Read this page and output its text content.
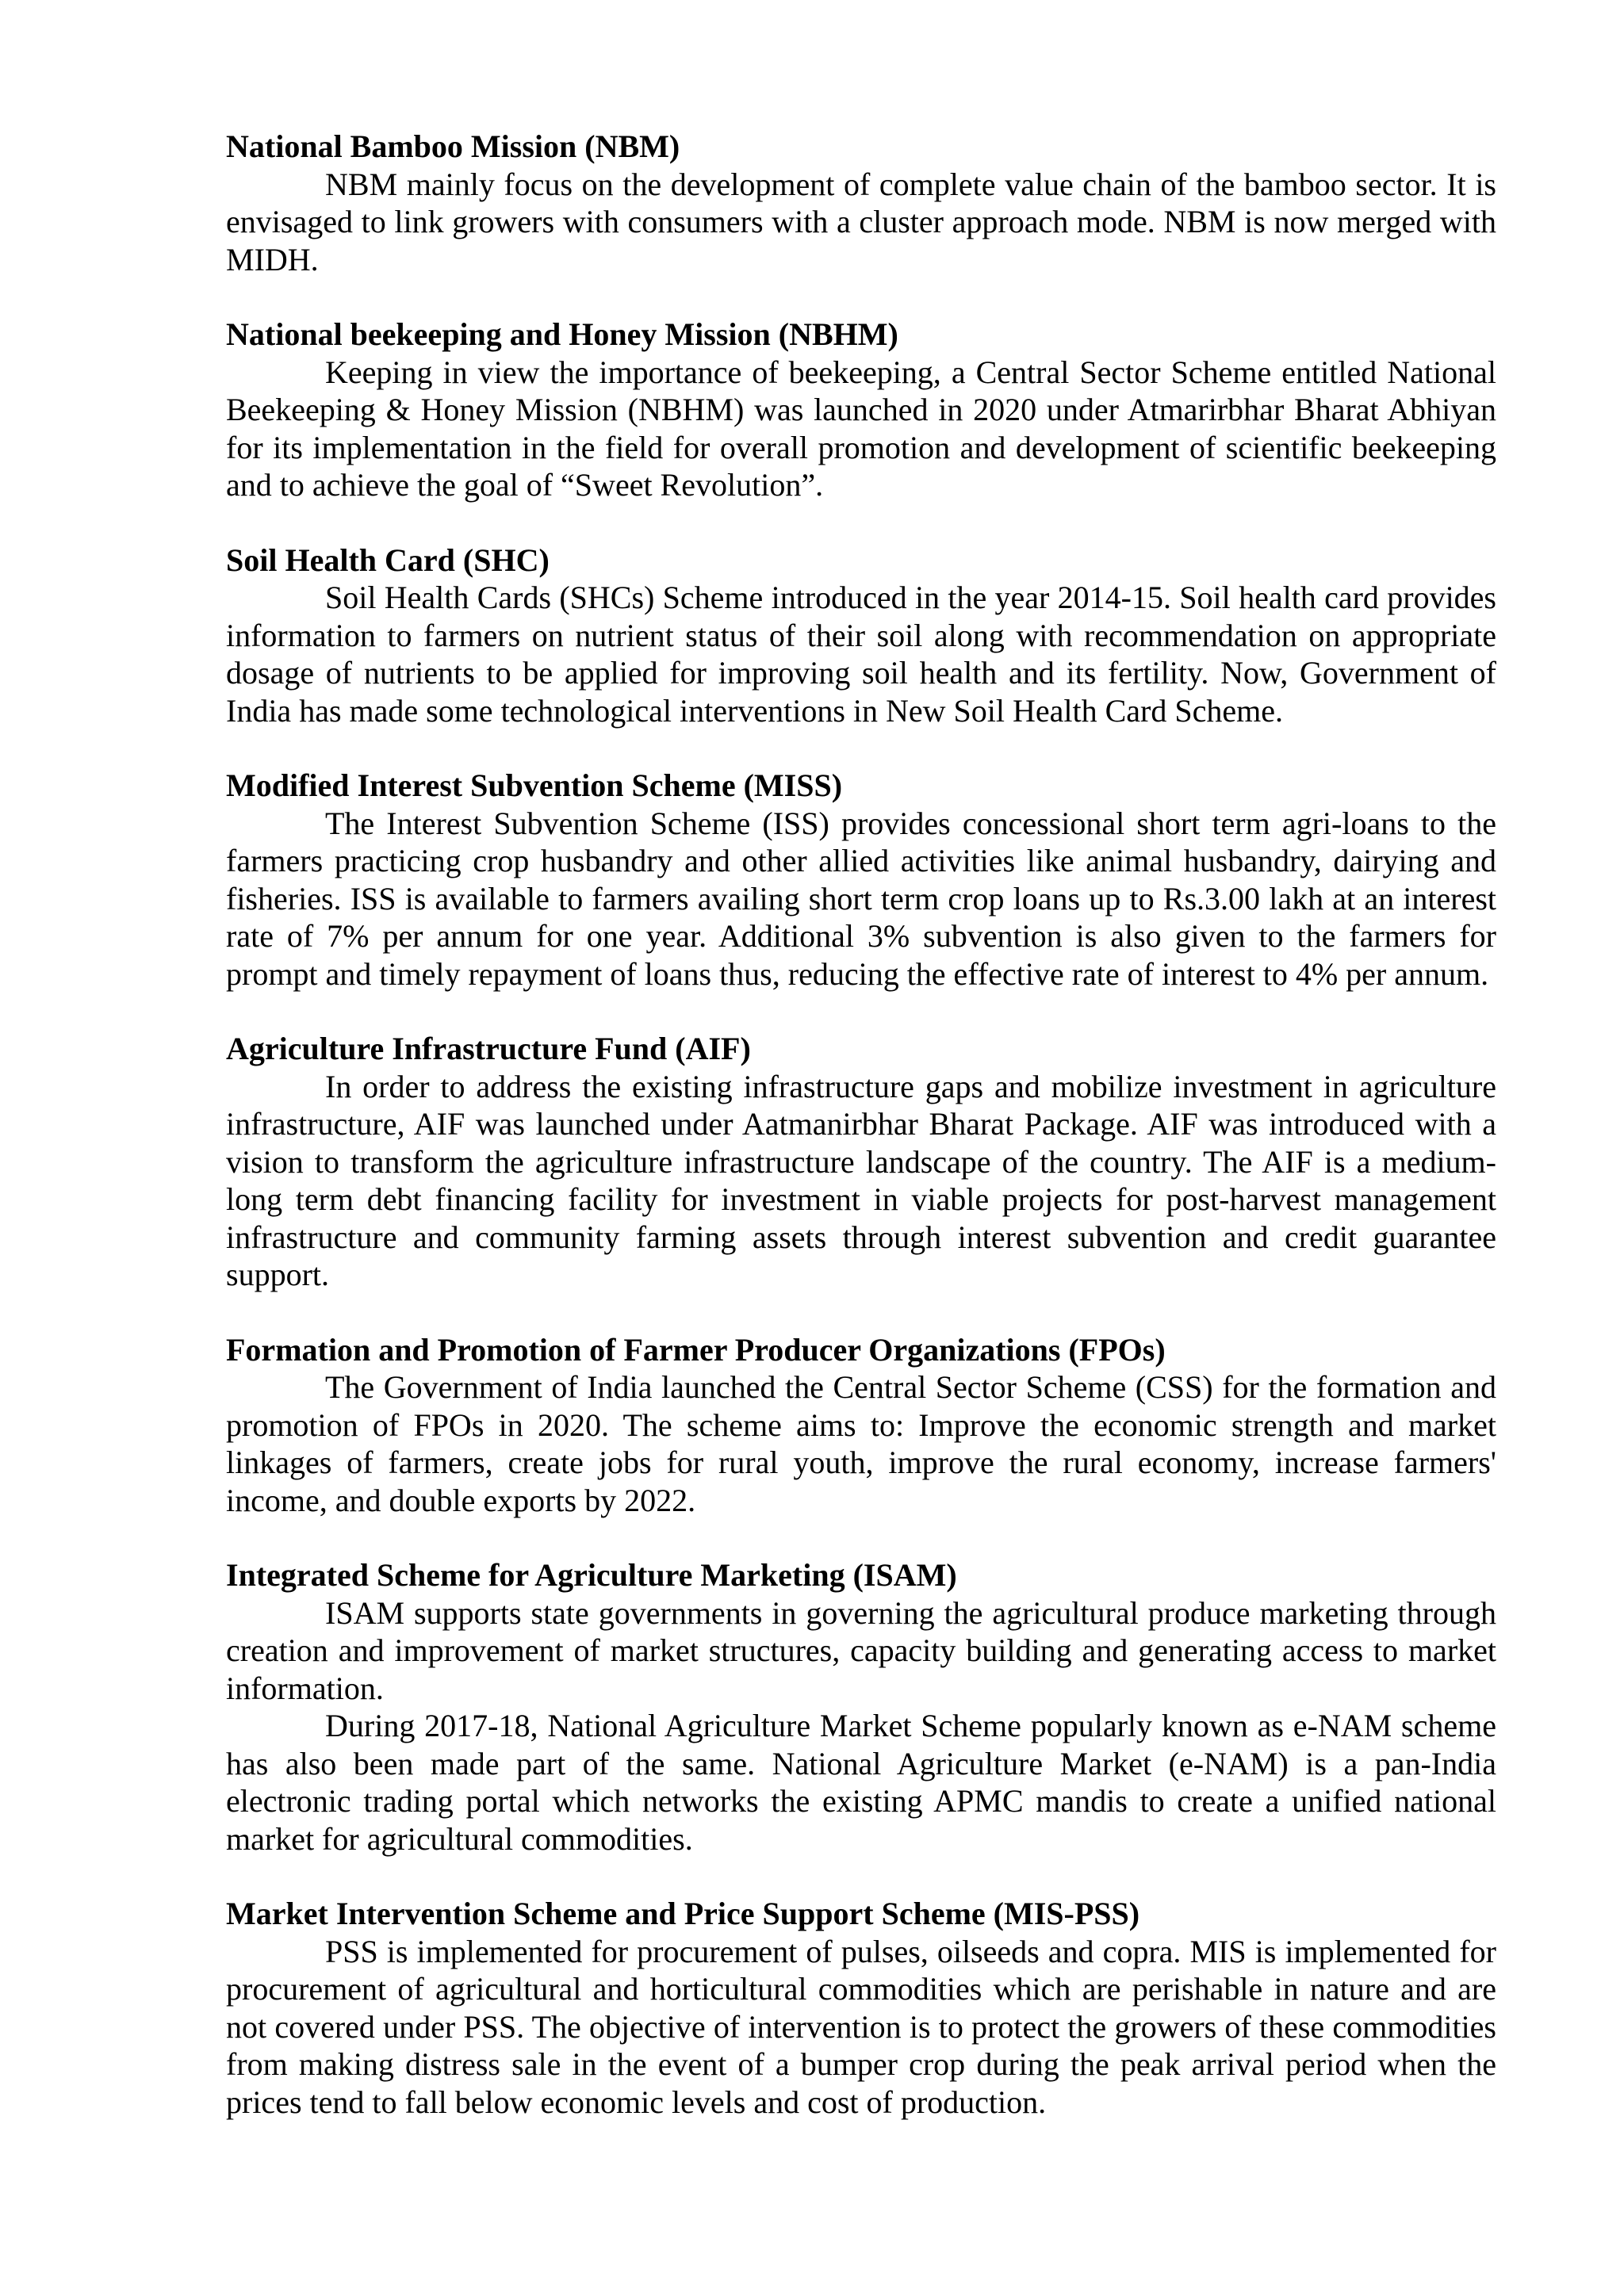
National Bamboo Mission (NBM)

NBM mainly focus on the development of complete value chain of the bamboo sector. It is envisaged to link growers with consumers with a cluster approach mode. NBM is now merged with MIDH.

National beekeeping and Honey Mission (NBHM)

Keeping in view the importance of beekeeping, a Central Sector Scheme entitled National Beekeeping & Honey Mission (NBHM) was launched in 2020 under Atmarirbhar Bharat Abhiyan for its implementation in the field for overall promotion and development of scientific beekeeping and to achieve the goal of “Sweet Revolution”.

Soil Health Card (SHC)

Soil Health Cards (SHCs) Scheme introduced in the year 2014-15. Soil health card provides information to farmers on nutrient status of their soil along with recommendation on appropriate dosage of nutrients to be applied for improving soil health and its fertility. Now, Government of India has made some technological interventions in New Soil Health Card Scheme.

Modified Interest Subvention Scheme (MISS)

The Interest Subvention Scheme (ISS) provides concessional short term agri-loans to the farmers practicing crop husbandry and other allied activities like animal husbandry, dairying and fisheries. ISS is available to farmers availing short term crop loans up to Rs.3.00 lakh at an interest rate of 7% per annum for one year. Additional 3% subvention is also given to the farmers for prompt and timely repayment of loans thus, reducing the effective rate of interest to 4% per annum.

Agriculture Infrastructure Fund (AIF)

In order to address the existing infrastructure gaps and mobilize investment in agriculture infrastructure, AIF was launched under Aatmanirbhar Bharat Package. AIF was introduced with a vision to transform the agriculture infrastructure landscape of the country. The AIF is a medium-long term debt financing facility for investment in viable projects for post-harvest management infrastructure and community farming assets through interest subvention and credit guarantee support.

Formation and Promotion of Farmer Producer Organizations (FPOs)

The Government of India launched the Central Sector Scheme (CSS) for the formation and promotion of FPOs in 2020. The scheme aims to: Improve the economic strength and market linkages of farmers, create jobs for rural youth, improve the rural economy, increase farmers' income, and double exports by 2022.

Integrated Scheme for Agriculture Marketing (ISAM)

ISAM supports state governments in governing the agricultural produce marketing through creation and improvement of market structures, capacity building and generating access to market information.

During 2017-18, National Agriculture Market Scheme popularly known as e-NAM scheme has also been made part of the same. National Agriculture Market (e-NAM) is a pan-India electronic trading portal which networks the existing APMC mandis to create a unified national market for agricultural commodities.

Market Intervention Scheme and Price Support Scheme (MIS-PSS)

PSS is implemented for procurement of pulses, oilseeds and copra. MIS is implemented for procurement of agricultural and horticultural commodities which are perishable in nature and are not covered under PSS. The objective of intervention is to protect the growers of these commodities from making distress sale in the event of a bumper crop during the peak arrival period when the prices tend to fall below economic levels and cost of production.
